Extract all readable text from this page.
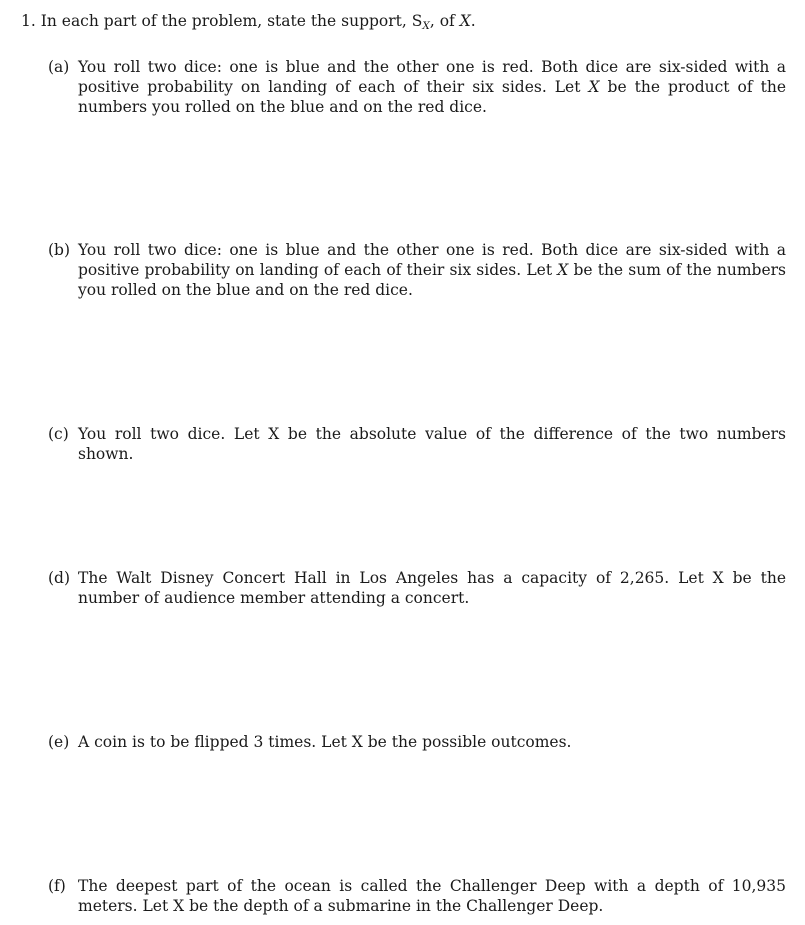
1. In each part of the problem, state the support, $S_X$, of X.
(a) You roll two dice: one is blue and the other one is red. Both dice are six-sided with a positive probability on landing of each of their six sides. Let X be the product of the numbers you rolled on the blue and on the red dice.
(b) You roll two dice: one is blue and the other one is red. Both dice are six-sided with a positive probability on landing of each of their six sides. Let X be the sum of the numbers you rolled on the blue and on the red dice.
(c) You roll two dice. Let X be the absolute value of the difference of the two numbers shown.
(d) The Walt Disney Concert Hall in Los Angeles has a capacity of 2,265. Let X be the number of audience member attending a concert.
(e) A coin is to be flipped 3 times. Let X be the possible outcomes.
(f) The deepest part of the ocean is called the Challenger Deep with a depth of 10,935 meters. Let X be the depth of a submarine in the Challenger Deep.
